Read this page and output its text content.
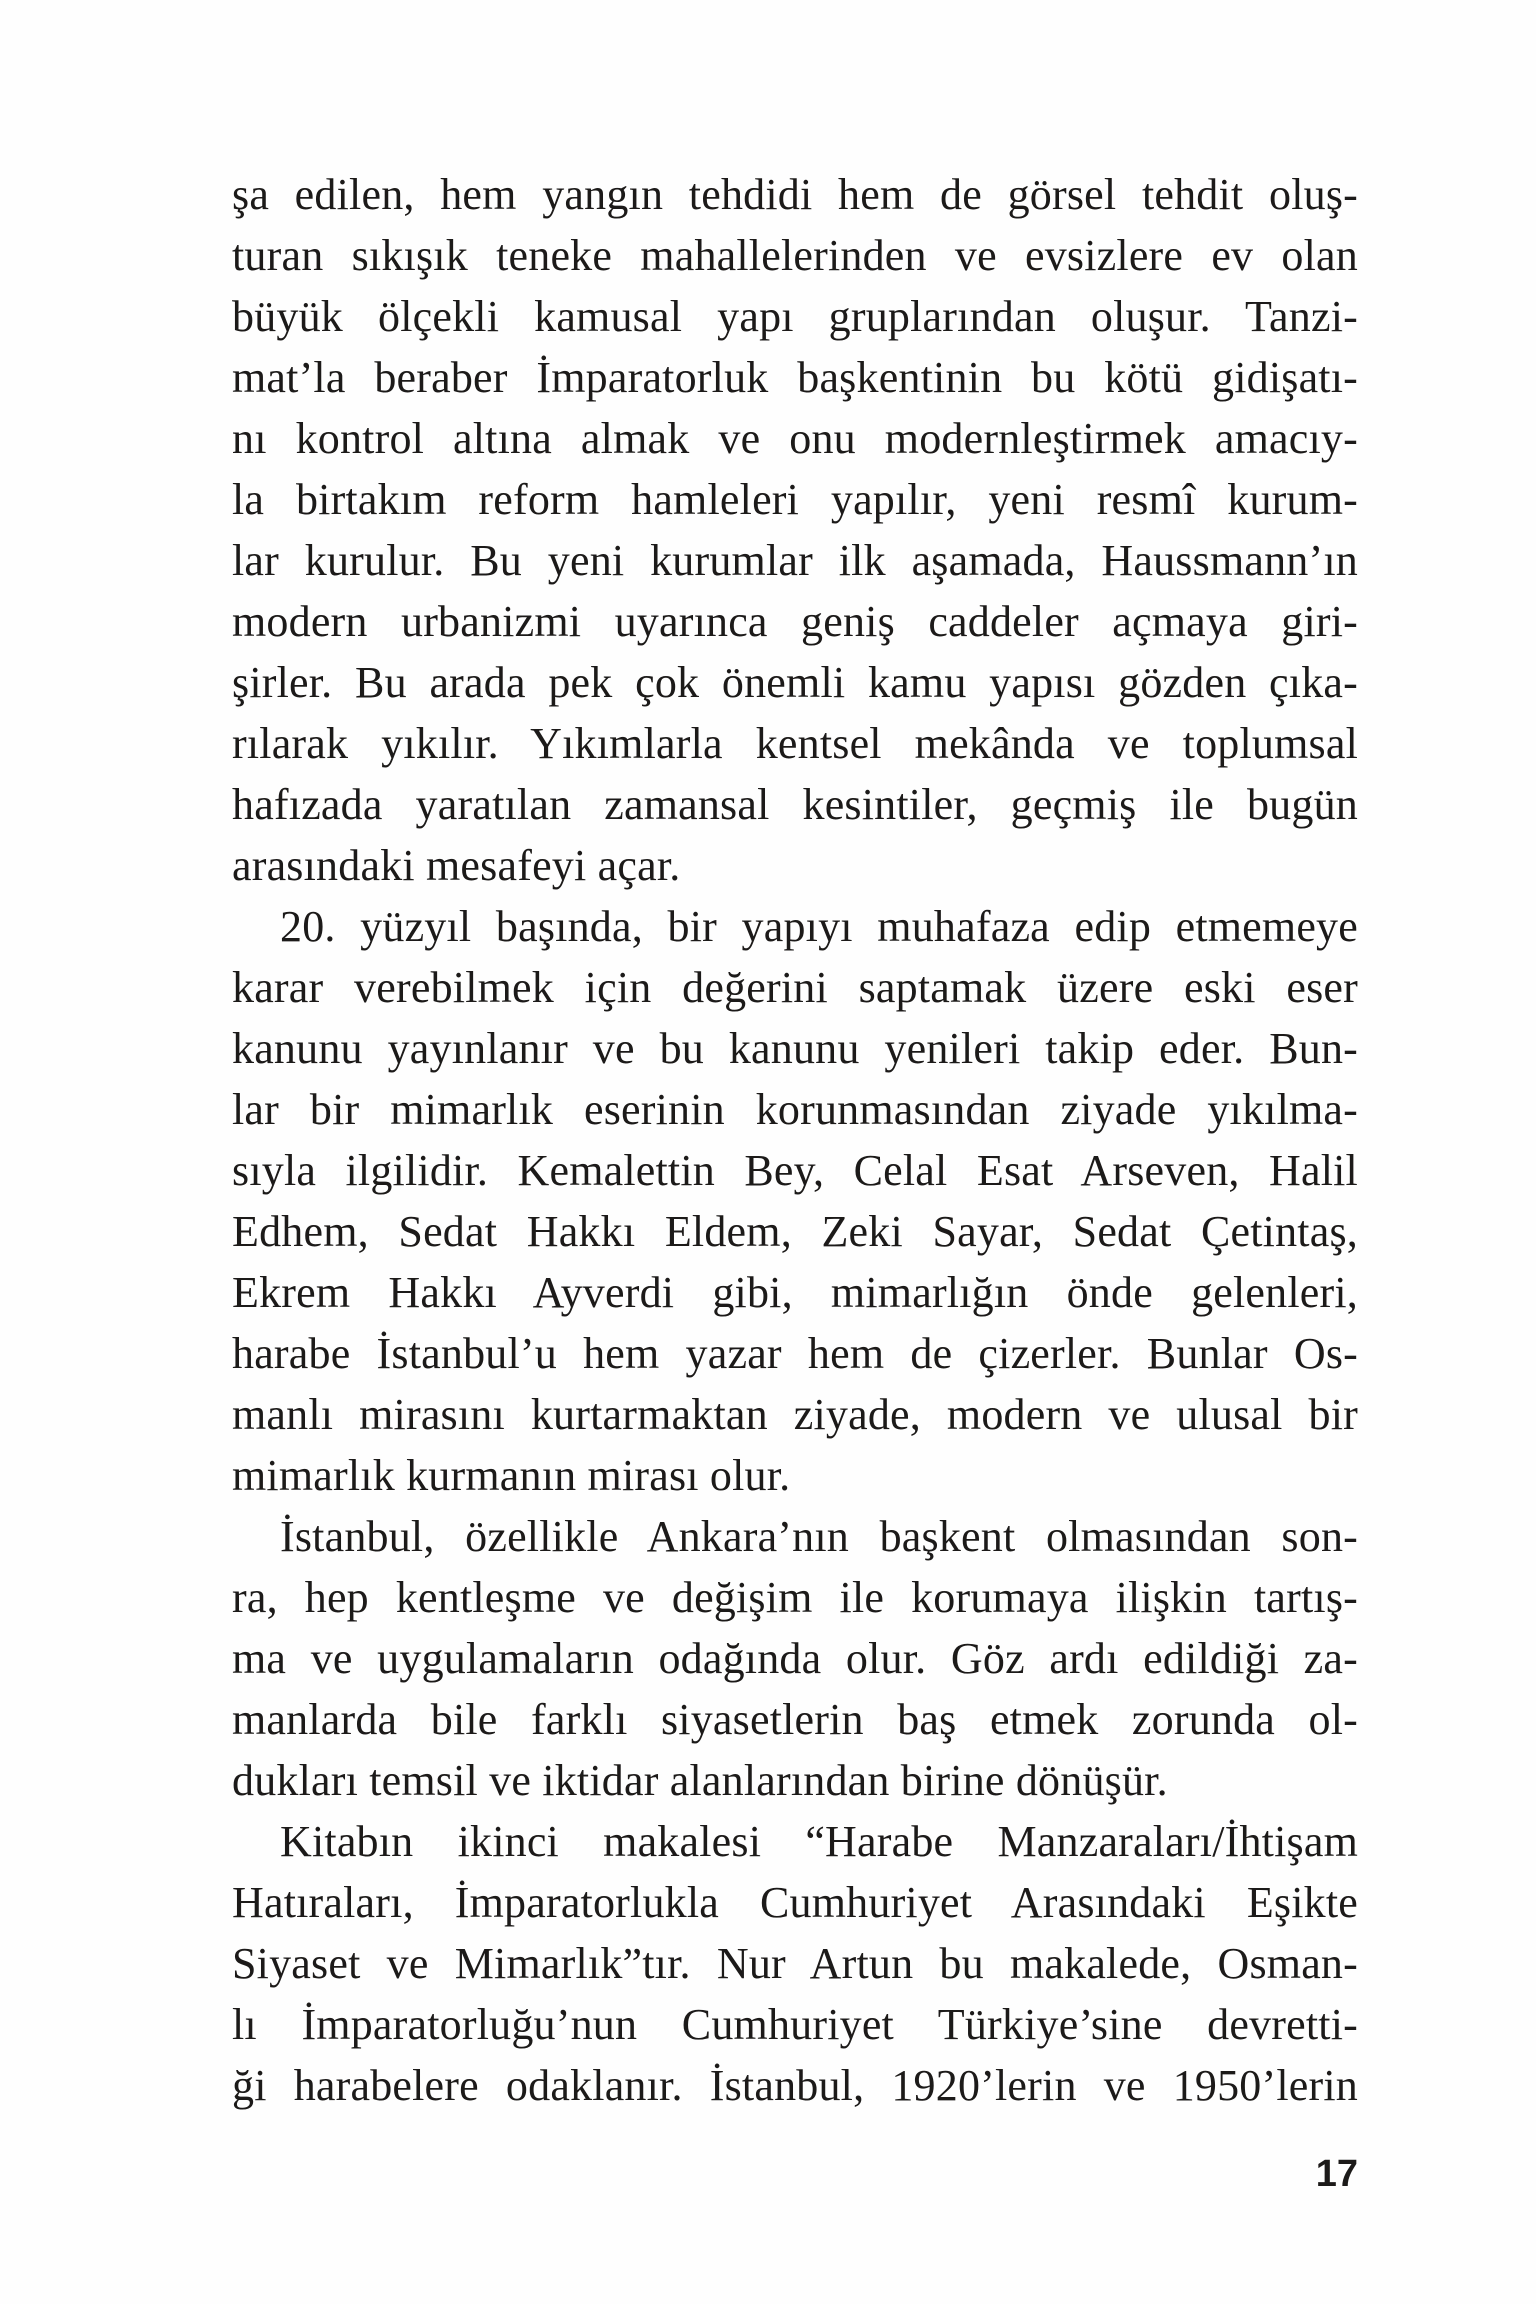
şa edilen, hem yangın tehdidi hem de görsel tehdit oluş-
turan sıkışık teneke mahallelerinden ve evsizlere ev olan
büyük ölçekli kamusal yapı gruplarından oluşur. Tanzi-
mat’la beraber İmparatorluk başkentinin bu kötü gidişatı-
nı kontrol altına almak ve onu modernleştirmek amacıy-
la birtakım reform hamleleri yapılır, yeni resmî kurum-
lar kurulur. Bu yeni kurumlar ilk aşamada, Haussmann’ın
modern urbanizmi uyarınca geniş caddeler açmaya giri-
şirler. Bu arada pek çok önemli kamu yapısı gözden çıka-
rılarak yıkılır. Yıkımlarla kentsel mekânda ve toplumsal
hafızada yaratılan zamansal kesintiler, geçmiş ile bugün
arasındaki mesafeyi açar.

20. yüzyıl başında, bir yapıyı muhafaza edip etmemeye
karar verebilmek için değerini saptamak üzere eski eser
kanunu yayınlanır ve bu kanunu yenileri takip eder. Bun-
lar bir mimarlık eserinin korunmasından ziyade yıkılma-
sıyla ilgilidir. Kemalettin Bey, Celal Esat Arseven, Halil
Edhem, Sedat Hakkı Eldem, Zeki Sayar, Sedat Çetintaş,
Ekrem Hakkı Ayverdi gibi, mimarlığın önde gelenleri,
harabe İstanbul’u hem yazar hem de çizerler. Bunlar Os-
manlı mirasını kurtarmaktan ziyade, modern ve ulusal bir
mimarlık kurmanın mirası olur.

İstanbul, özellikle Ankara’nın başkent olmasından son-
ra, hep kentleşme ve değişim ile korumaya ilişkin tartış-
ma ve uygulamaların odağında olur. Göz ardı edildiği za-
manlarda bile farklı siyasetlerin baş etmek zorunda ol-
dukları temsil ve iktidar alanlarından birine dönüşür.

Kitabın ikinci makalesi “Harabe Manzaraları/İhtişam
Hatıraları, İmparatorlukla Cumhuriyet Arasındaki Eşikte
Siyaset ve Mimarlık”tır. Nur Artun bu makalede, Osman-
lı İmparatorluğu’nun Cumhuriyet Türkiye’sine devretti-
ği harabelere odaklanır. İstanbul, 1920’lerin ve 1950’lerin

17
